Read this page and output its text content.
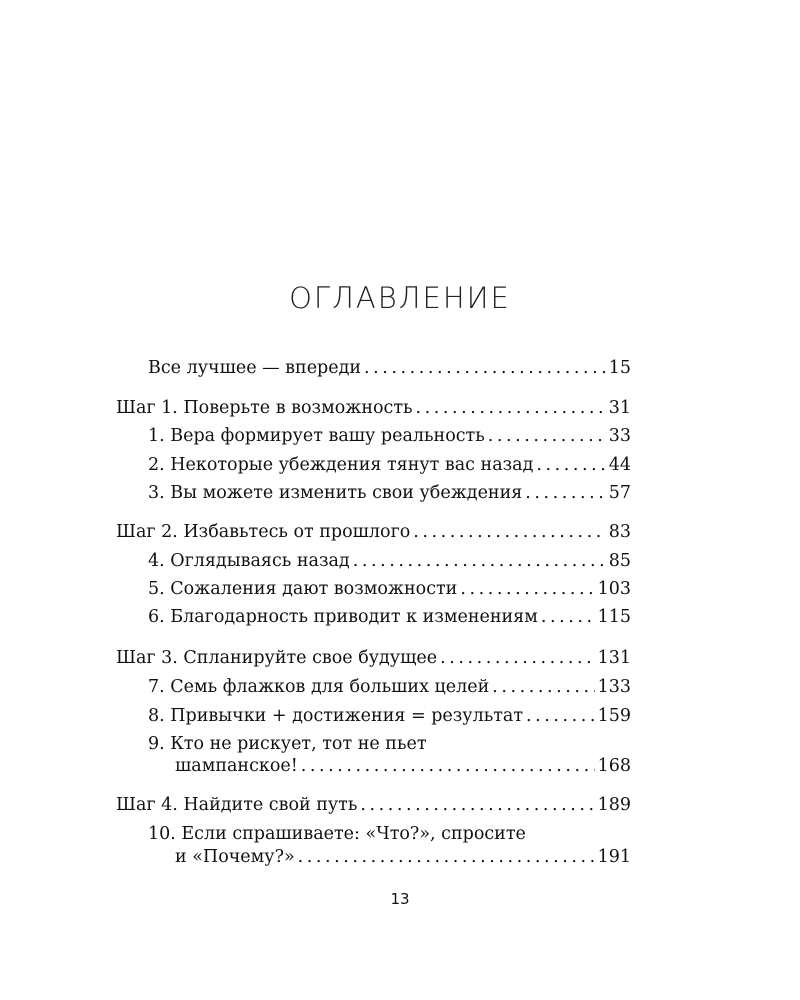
ОГЛАВЛЕНИЕ
Все лучшее — впереди . . .	15
Шаг 1. Поверьте в возможность . . .	31
1. Вера формирует вашу реальность . . .	33
2. Некоторые убеждения тянут вас назад . . .	44
3. Вы можете изменить свои убеждения . . .	57
Шаг 2. Избавьтесь от прошлого . . .	83
4. Оглядываясь назад . . .	85
5. Сожаления дают возможности . . .	103
6. Благодарность приводит к изменениям . . .	115
Шаг 3. Спланируйте свое будущее . . .	131
7. Семь флажков для больших целей . . .	133
8. Привычки + достижения = результат . . .	159
9. Кто не рискует, тот не пьет
шампанское! . . .	168
Шаг 4. Найдите свой путь . . .	189
10. Если спрашиваете: «Что?», спросите
и «Почему?» . . .	191
13
